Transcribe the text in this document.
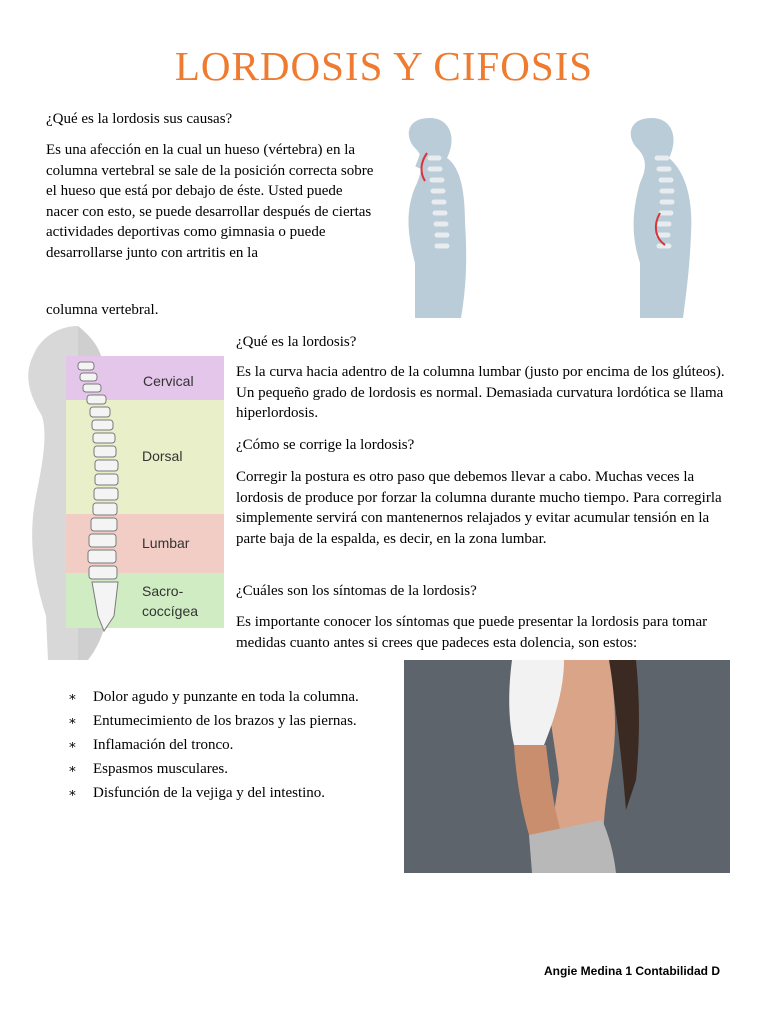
LORDOSIS Y CIFOSIS
¿Qué es la lordosis sus causas?
Es una afección en la cual un hueso (vértebra) en la columna vertebral se sale de la posición correcta sobre el hueso que está por debajo de éste. Usted puede nacer con esto, se puede desarrollar después de ciertas actividades deportivas como gimnasia o puede desarrollarse junto con artritis en la
columna vertebral.
Cervical
Dorsal
Lumbar
Sacro-
coccígea
¿Qué es la lordosis?
Es la curva hacia adentro de la columna lumbar (justo por encima de los glúteos). Un pequeño grado de lordosis es normal. Demasiada curvatura lordótica se llama hiperlordosis.
¿Cómo se corrige la lordosis?
Corregir la postura es otro paso que debemos llevar a cabo. Muchas veces la lordosis de produce por forzar la columna durante mucho tiempo. Para corregirla simplemente servirá con mantenernos relajados y evitar acumular tensión en la parte baja de la espalda, es decir, en la zona lumbar.
¿Cuáles son los síntomas de la lordosis?
Es importante conocer los síntomas que puede presentar la lordosis para tomar medidas cuanto antes si crees que padeces esta dolencia, son estos:
∗ Dolor agudo y punzante en toda la columna.
∗ Entumecimiento de los brazos y las piernas.
∗ Inflamación del tronco.
∗ Espasmos musculares.
∗ Disfunción de la vejiga y del intestino.
Angie Medina 1 Contabilidad D
